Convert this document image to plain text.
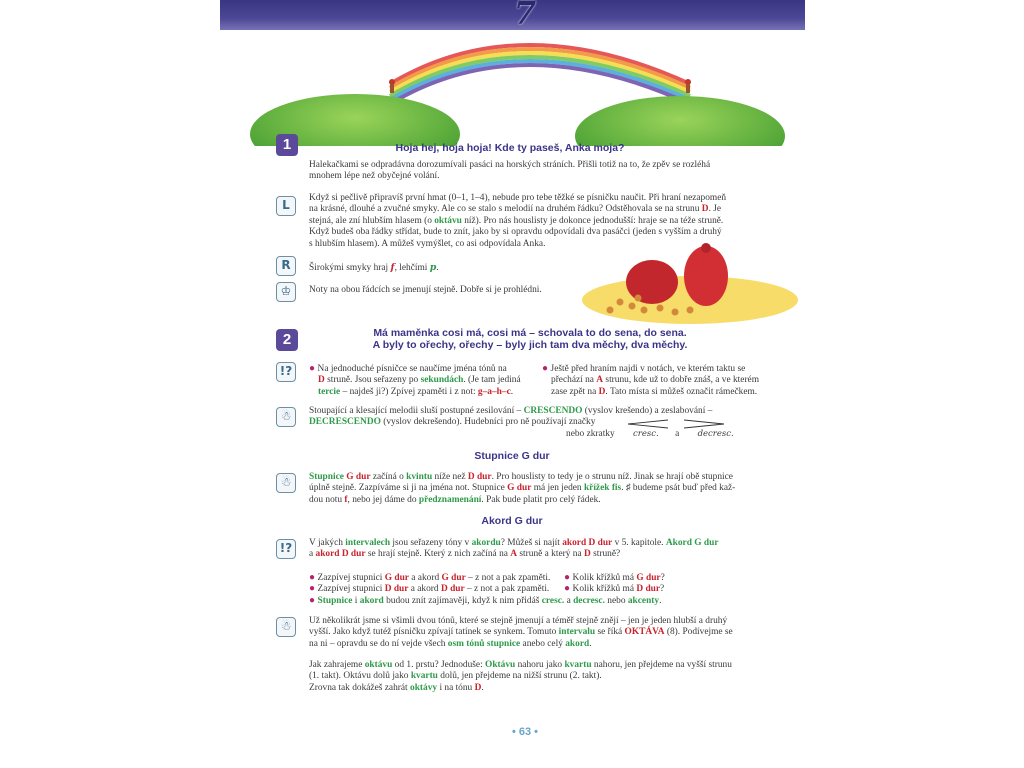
7
1	Hoja hej, hoja hoja! Kde ty paseš, Anka moja?
Halekačkami se odpradávna dorozumívali pasáci na horských stráních. Přišli totiž na to, že zpěv se rozléhá
mnohem lépe než obyčejné volání.
L	Když si pečlivě připravíš první hmat (0–1, 1–4), nebude pro tebe těžké se písničku naučit. Při hraní nezapomeň
na krásné, dlouhé a zvučné smyky. Ale co se stalo s melodií na druhém řádku? Odstěhovala se na strunu D. Je
stejná, ale zní hlubším hlasem (o oktávu níž). Pro nás houslisty je dokonce jednodušší: hraje se na téže struně.
Když budeš oba řádky střídat, bude to znít, jako by si opravdu odpovídali dva pasáčci (jeden s vyšším a druhý
s hlubším hlasem). A můžeš vymýšlet, co asi odpovídala Anka.
R	Širokými smyky hraj f, lehčími p.
♔	Noty na obou řádcích se jmenují stejně. Dobře si je prohlédni.
2	Má maměnka cosi má, cosi má – schovala to do sena, do sena.
A byly to ořechy, ořechy – byly jich tam dva měchy, dva měchy.
!? ● Na jednoduché písničce se naučíme jména tónů na
D struně. Jsou seřazeny po sekundách. (Je tam jediná
tercie – najdeš ji?) Zpívej zpaměti i z not: g–a–h–c.
● Ještě před hraním najdi v notách, ve kterém taktu se
přechází na A strunu, kde už to dobře znáš, a ve kterém
zase zpět na D. Tato místa si můžeš označit rámečkem.
☃	Stoupající a klesající melodii sluší postupné zesilování – CRESCENDO (vyslov krešendo) a zeslabování –
DECRESCENDO (vyslov dekrešendo). Hudebníci pro ně používají značky
nebo zkratky cresc. a decresc.
Stupnice G dur
☃	Stupnice G dur začíná o kvintu níže než D dur. Pro houslisty to tedy je o strunu níž. Jinak se hrají obě stupnice
úplně stejně. Zazpíváme si ji na jména not. Stupnice G dur má jen jeden křížek fis. ♯ budeme psát buď před kaž-
dou notu f, nebo jej dáme do předznamenání. Pak bude platit pro celý řádek.
Akord G dur
!? V jakých intervalech jsou seřazeny tóny v akordu? Můžeš si najít akord D dur v 5. kapitole. Akord G dur
a akord D dur se hrají stejně. Který z nich začíná na A struně a který na D struně?
● Zazpívej stupnici G dur a akord G dur – z not a pak zpaměti. ● Kolik křížků má G dur?
● Zazpívej stupnici D dur a akord D dur – z not a pak zpaměti. ● Kolik křížků má D dur?
● Stupnice i akord budou znít zajímavěji, když k nim přidáš cresc. a decresc. nebo akcenty.
☃	Už několikrát jsme si všimli dvou tónů, které se stejně jmenují a téměř stejně znějí – jen je jeden hlubší a druhý
vyšší. Jako když tutéž písničku zpívají tatínek se synkem. Tomuto intervalu se říká OKTÁVA (8). Podívejme se
na ni – opravdu se do ní vejde všech osm tónů stupnice anebo celý akord.
Jak zahrajeme oktávu od 1. prstu? Jednoduše: Oktávu nahoru jako kvartu nahoru, jen přejdeme na vyšší strunu
(1. takt). Oktávu dolů jako kvartu dolů, jen přejdeme na nižší strunu (2. takt).
Zrovna tak dokážeš zahrát oktávy i na tónu D.
• 63 •
